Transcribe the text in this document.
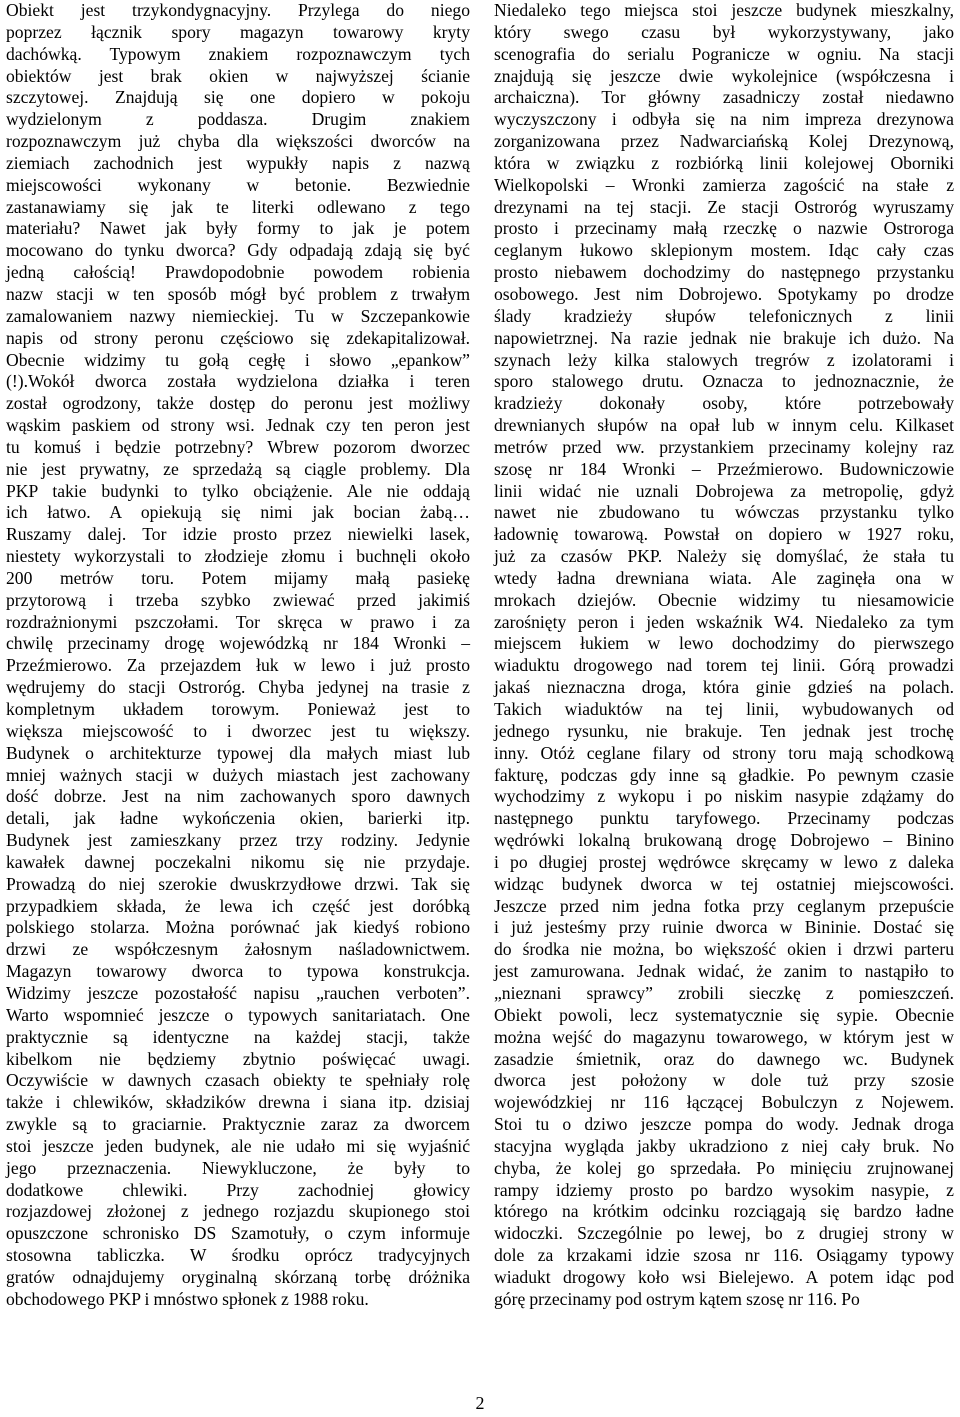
Obiekt jest trzykondygnacyjny. Przylega do niego
poprzez łącznik spory magazyn towarowy kryty
dachówką. Typowym znakiem rozpoznawczym tych
obiektów jest brak okien w najwyższej ścianie
szczytowej. Znajdują się one dopiero w pokoju
wydzielonym z poddasza. Drugim znakiem
rozpoznawczym już chyba dla większości dworców na
ziemiach zachodnich jest wypukły napis z nazwą
miejscowości wykonany w betonie. Bezwiednie
zastanawiamy się jak te literki odlewano z tego
materiału? Nawet jak były formy to jak je potem
mocowano do tynku dworca? Gdy odpadają zdają się być
jedną całością! Prawdopodobnie powodem robienia
nazw stacji w ten sposób mógł być problem z trwałym
zamalowaniem nazwy niemieckiej. Tu w Szczepankowie
napis od strony peronu częściowo się zdekapitalizował.
Obecnie widzimy tu gołą cegłę i słowo „epankow”
(!).Wokół dworca została wydzielona działka i teren
został ogrodzony, także dostęp do peronu jest możliwy
wąskim paskiem od strony wsi. Jednak czy ten peron jest
tu komuś i będzie potrzebny? Wbrew pozorom dworzec
nie jest prywatny, ze sprzedażą są ciągle problemy. Dla
PKP takie budynki to tylko obciążenie. Ale nie oddają
ich łatwo. A opiekują się nimi jak bocian żabą…
Ruszamy dalej. Tor idzie prosto przez niewielki lasek,
niestety wykorzystali to złodzieje złomu i buchnęli około
200 metrów toru. Potem mijamy małą pasiekę
przytorową i trzeba szybko zwiewać przed jakimiś
rozdrażnionymi pszczołami. Tor skręca w prawo i za
chwilę przecinamy drogę wojewódzką nr 184 Wronki –
Przeźmierowo. Za przejazdem łuk w lewo i już prosto
wędrujemy do stacji Ostroróg. Chyba jedynej na trasie z
kompletnym układem torowym. Ponieważ jest to
większa miejscowość to i dworzec jest tu większy.
Budynek o architekturze typowej dla małych miast lub
mniej ważnych stacji w dużych miastach jest zachowany
dość dobrze. Jest na nim zachowanych sporo dawnych
detali, jak ładne wykończenia okien, barierki itp.
Budynek jest zamieszkany przez trzy rodziny. Jedynie
kawałek dawnej poczekalni nikomu się nie przydaje.
Prowadzą do niej szerokie dwuskrzydłowe drzwi. Tak się
przypadkiem składa, że lewa ich część jest doróbką
polskiego stolarza. Można porównać jak kiedyś robiono
drzwi ze współczesnym żałosnym naśladownictwem.
Magazyn towarowy dworca to typowa konstrukcja.
Widzimy jeszcze pozostałość napisu „rauchen verboten”.
Warto wspomnieć jeszcze o typowych sanitariatach. One
praktycznie są identyczne na każdej stacji, także
kibelkom nie będziemy zbytnio poświęcać uwagi.
Oczywiście w dawnych czasach obiekty te spełniały rolę
także i chlewików, składzików drewna i siana itp. dzisiaj
zwykle są to graciarnie. Praktycznie zaraz za dworcem
stoi jeszcze jeden budynek, ale nie udało mi się wyjaśnić
jego przeznaczenia. Niewykluczone, że były to
dodatkowe chlewiki. Przy zachodniej głowicy
rozjazdowej złożonej z jednego rozjazdu skupionego stoi
opuszczone schronisko DS Szamotuły, o czym informuje
stosowna tabliczka. W środku oprócz tradycyjnych
gratów odnajdujemy oryginalną skórzaną torbę dróżnika
obchodowego PKP i mnóstwo spłonek z 1988 roku.
Niedaleko tego miejsca stoi jeszcze budynek mieszkalny,
który swego czasu był wykorzystywany, jako
scenografia do serialu Pogranicze w ogniu. Na stacji
znajdują się jeszcze dwie wykolejnice (współczesna i
archaiczna). Tor główny zasadniczy został niedawno
wyczyszczony i odbyła się na nim impreza drezynowa
zorganizowana przez Nadwarciańską Kolej Drezynową,
która w związku z rozbiórką linii kolejowej Oborniki
Wielkopolski – Wronki zamierza zagościć na stałe z
drezynami na tej stacji. Ze stacji Ostroróg wyruszamy
prosto i przecinamy małą rzeczkę o nazwie Ostroroga
ceglanym łukowo sklepionym mostem. Idąc cały czas
prosto niebawem dochodzimy do następnego przystanku
osobowego. Jest nim Dobrojewo. Spotykamy po drodze
ślady kradzieży słupów telefonicznych z linii
napowietrznej. Na razie jednak nie brakuje ich dużo. Na
szynach leży kilka stalowych tregrów z izolatorami i
sporo stalowego drutu. Oznacza to jednoznacznie, że
kradzieży dokonały osoby, które potrzebowały
drewnianych słupów na opał lub w innym celu. Kilkaset
metrów przed ww. przystankiem przecinamy kolejny raz
szosę nr 184 Wronki – Przeźmierowo. Budowniczowie
linii widać nie uznali Dobrojewa za metropolię, gdyż
nawet nie zbudowano tu wówczas przystanku tylko
ładownię towarową. Powstał on dopiero w 1927 roku,
już za czasów PKP. Należy się domyślać, że stała tu
wtedy ładna drewniana wiata. Ale zaginęła ona w
mrokach dziejów. Obecnie widzimy tu niesamowicie
zarośnięty peron i jeden wskaźnik W4. Niedaleko za tym
miejscem łukiem w lewo dochodzimy do pierwszego
wiaduktu drogowego nad torem tej linii. Górą prowadzi
jakaś nieznaczna droga, która ginie gdzieś na polach.
Takich wiaduktów na tej linii, wybudowanych od
jednego rysunku, nie brakuje. Ten jednak jest trochę
inny. Otóż ceglane filary od strony toru mają schodkową
fakturę, podczas gdy inne są gładkie. Po pewnym czasie
wychodzimy z wykopu i po niskim nasypie zdążamy do
następnego punktu taryfowego. Przecinamy podczas
wędrówki lokalną brukowaną drogę Dobrojewo – Binino
i po długiej prostej wędrówce skręcamy w lewo z daleka
widząc budynek dworca w tej ostatniej miejscowości.
Jeszcze przed nim jedna fotka przy ceglanym przepuście
i już jesteśmy przy ruinie dworca w Bininie. Dostać się
do środka nie można, bo większość okien i drzwi parteru
jest zamurowana. Jednak widać, że zanim to nastąpiło to
„nieznani sprawcy” zrobili sieczkę z pomieszczeń.
Obiekt powoli, lecz systematycznie się sypie. Obecnie
można wejść do magazynu towarowego, w którym jest w
zasadzie śmietnik, oraz do dawnego wc. Budynek
dworca jest położony w dole tuż przy szosie
wojewódzkiej nr 116 łączącej Bobulczyn z Nojewem.
Stoi tu o dziwo jeszcze pompa do wody. Jednak droga
stacyjna wygląda jakby ukradziono z niej cały bruk. No
chyba, że kolej go sprzedała. Po minięciu zrujnowanej
rampy idziemy prosto po bardzo wysokim nasypie, z
którego na krótkim odcinku rozciągają się bardzo ładne
widoczki. Szczególnie po lewej, bo z drugiej strony w
dole za krzakami idzie szosa nr 116. Osiągamy typowy
wiadukt drogowy koło wsi Bielejewo. A potem idąc pod
górę przecinamy pod ostrym kątem szosę nr 116. Po
2
